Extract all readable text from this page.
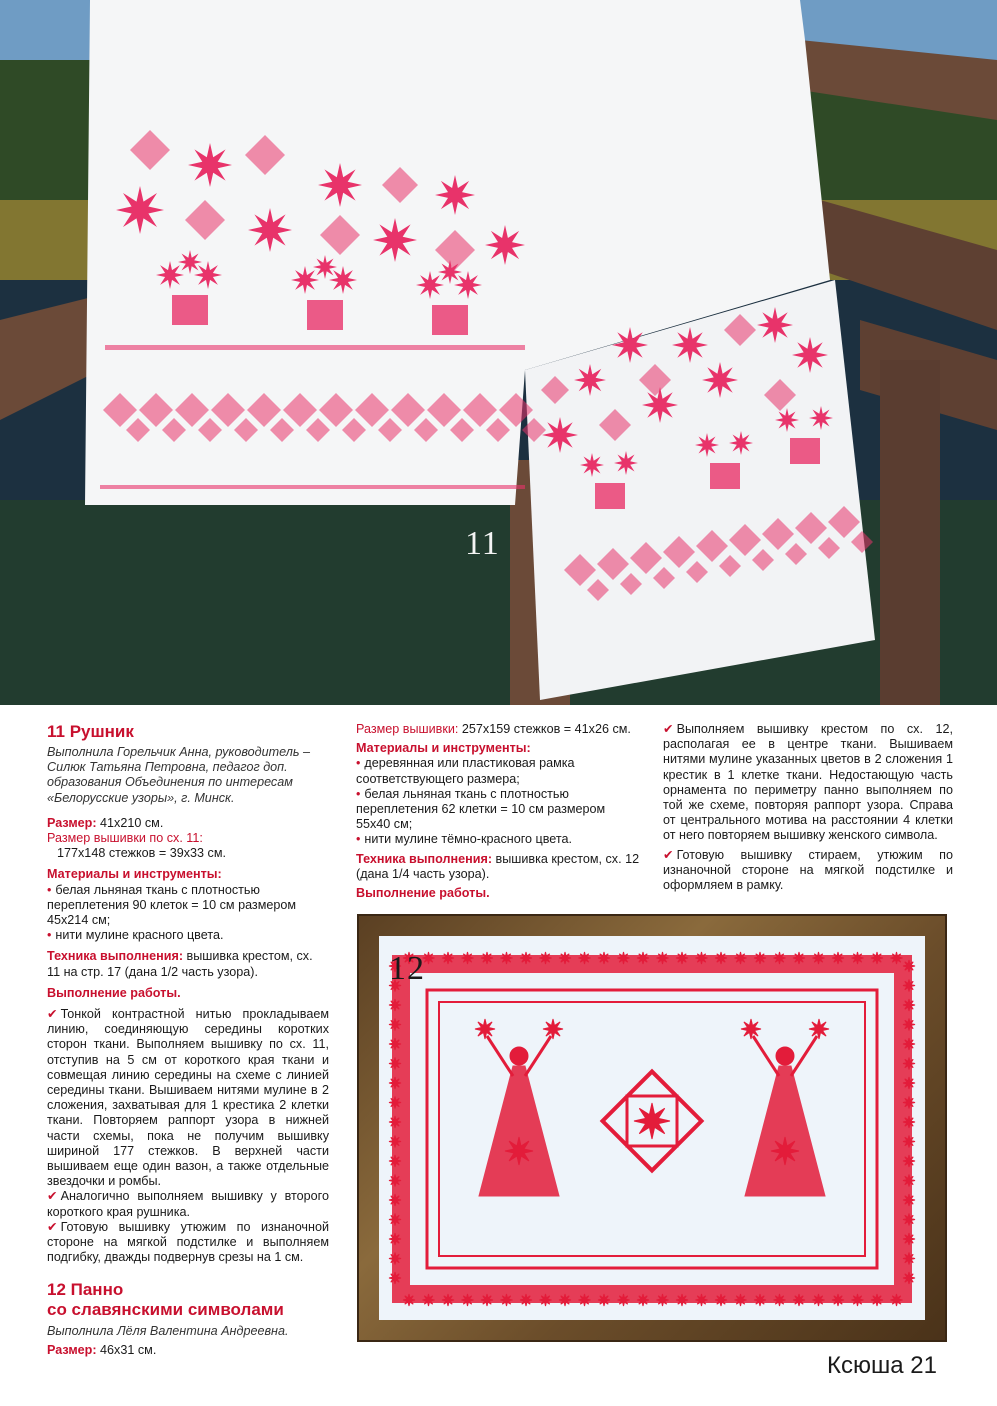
11

11 Рушник

Выполнила Горельчик Анна, руководитель – Силюк Татьяна Петровна, педагог доп. образования Объединения по интересам «Белорусские узоры», г. Минск.

Размер: 41x210 см.

Размер вышивки по сх. 11:

177x148 стежков = 39x33 см.

Материалы и инструменты:

• белая льняная ткань с плотностью переплетения 90 клеток = 10 см размером 45x214 см;

• нити мулине красного цвета.

Техника выполнения: вышивка крестом, сх. 11 на стр. 17 (дана 1/2 часть узора).

Выполнение работы.

✔ Тонкой контрастной нитью прокладываем линию, соединяющую середины коротких сторон ткани. Выполняем вышивку по сх. 11, отступив на 5 см от короткого края ткани и совмещая линию середины на схеме с линией середины ткани. Вышиваем нитями мулине в 2 сложения, захватывая для 1 крестика 2 клетки ткани. Повторяем раппорт узора в нижней части схемы, пока не получим вышивку шириной 177 стежков. В верхней части вышиваем еще один вазон, а также отдельные звездочки и ромбы.

✔ Аналогично выполняем вышивку у второго короткого края рушника.

✔ Готовую вышивку утюжим по изнаночной стороне на мягкой подстилке и выполняем подгибку, дважды подвернув срезы на 1 см.

12 Панно

со славянскими символами

Выполнила Лёля Валентина Андреевна.

Размер: 46x31 см.

Размер вышивки: 257x159 стежков = 41x26 см.

Материалы и инструменты:

• деревянная или пластиковая рамка соответствующего размера;

• белая льняная ткань с плотностью переплетения 62 клетки = 10 см размером 55x40 см;

• нити мулине тёмно-красного цвета.

Техника выполнения: вышивка крестом, сх. 12 (дана 1/4 часть узора).

Выполнение работы.

✔ Выполняем вышивку крестом по сх. 12, располагая ее в центре ткани. Вышиваем нитями мулине указанных цветов в 2 сложения 1 крестик в 1 клетке ткани. Недостающую часть орнамента по периметру панно выполняем по той же схеме, повторяя раппорт узора. Справа от центрального мотива на расстоянии 4 клетки от него повторяем вышивку женского символа.

✔ Готовую вышивку стираем, утюжим по изнаночной стороне на мягкой подстилке и оформляем в рамку.

12
Ксюша 21
